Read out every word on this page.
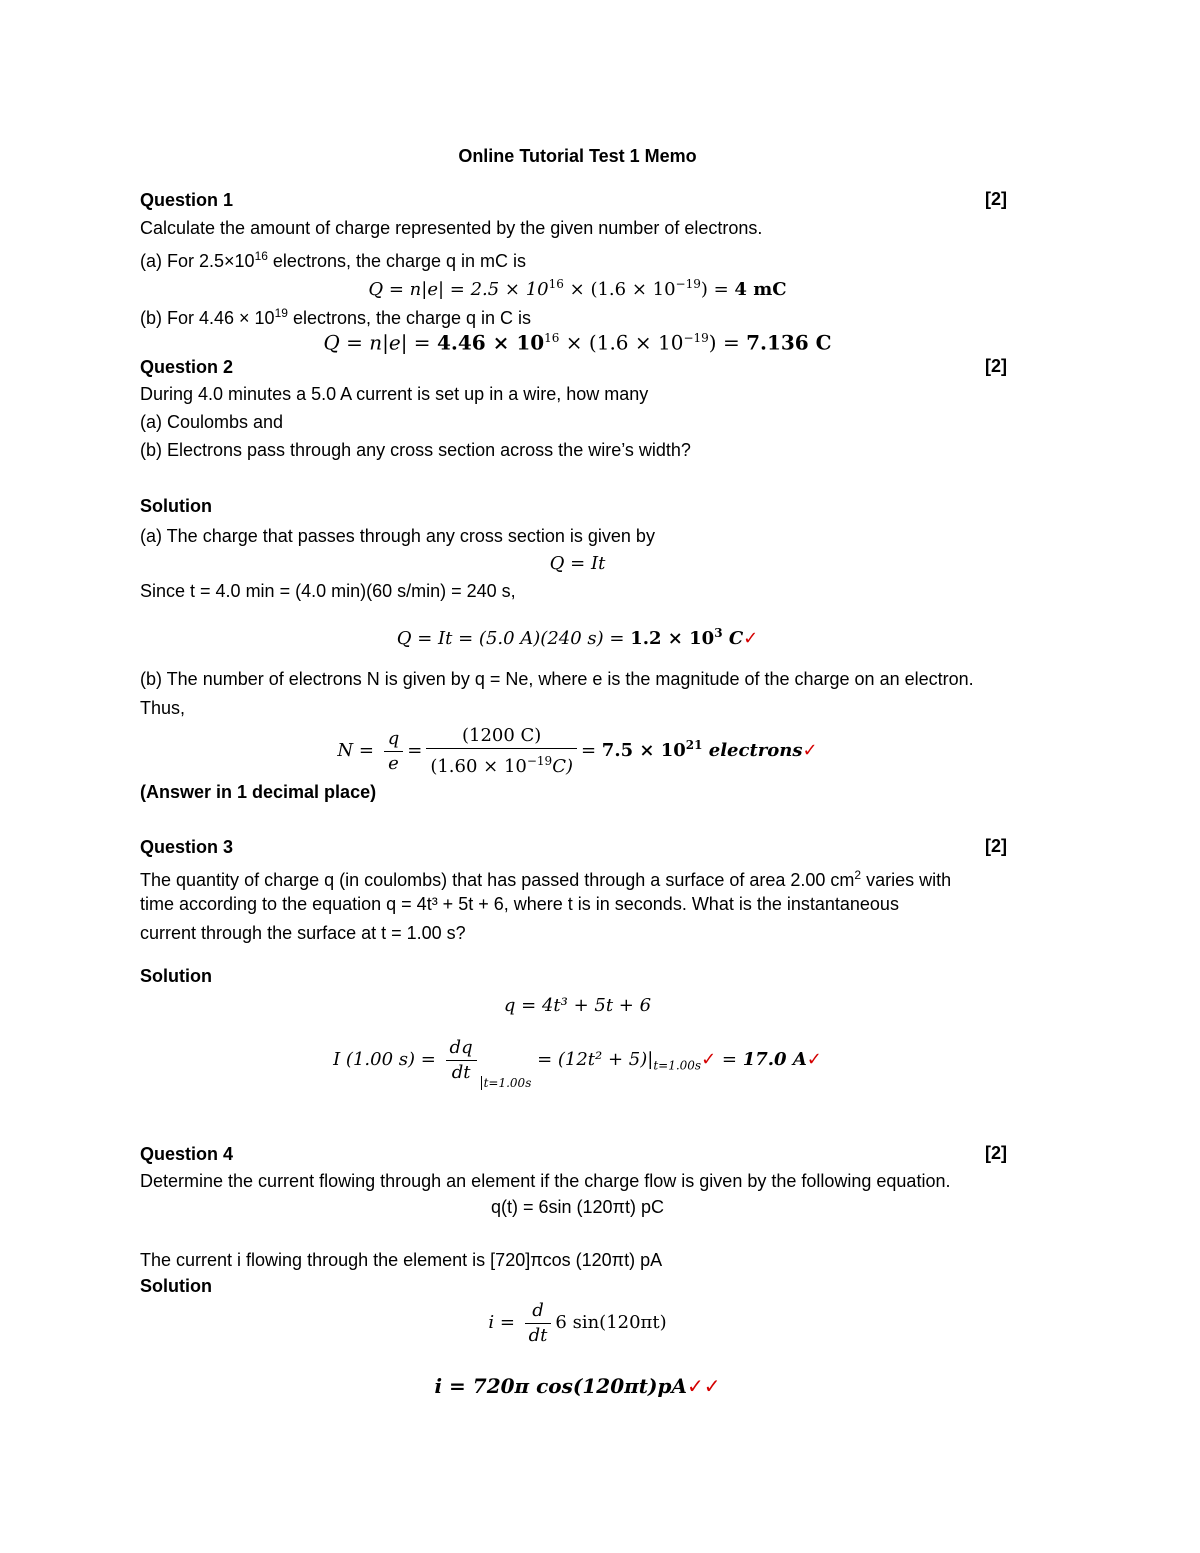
Online Tutorial Test 1 Memo
Question 1	[2]
Calculate the amount of charge represented by the given number of electrons.
(a) For $2.5\times 10^{16}$ electrons, the charge q in mC is
$Q = n|e| = 2.5 \times 10^{16} \times (1.6 \times 10^{-19}) = 4$ mC
(b) For $4.46 \times 10^{19}$ electrons, the charge q in C is
$Q = n|e| = 4.46 \times 10^{16} \times (1.6 \times 10^{-19}) = 7.136$ C
Question 2	[2]
During 4.0 minutes a 5.0 A current is set up in a wire, how many
(a) Coulombs and
(b) Electrons pass through any cross section across the wire’s width?
Solution
(a) The charge that passes through any cross section is given by
Q = It
Since t = 4.0 min = (4.0 min)(60 s/min) = 240 s,
Q = It = (5.0 A)(240 $s) = 1.2 \times 10^3$ C✓
(b) The number of electrons N is given by q = Ne, where e is the magnitude of the charge on an electron.
Thus,
$N = \frac{q}{e} = \frac{(1200 C)}{(1.60 \times 10^{-19}C)} = 7.5 \times 10^{21}$ electrons✓
(Answer in 1 decimal place)
Question 3	[2]
The quantity of charge q (in coulombs) that has passed through a surface of area 2.00 $cm^2$ varies with
time according to the equation q = 4t³ + 5t + 6, where t is in seconds. What is the instantaneous
current through the surface at t = 1.00 s?
Solution
q = 4t³ + 5t + 6
I (1.00 $s) = \frac{dq}{dt} _{t=1.00s} = (12t^2$ + $5)|_{t=1.00s}✓ = 17.0$ A✓
Question 4	[2]
Determine the current flowing through an element if the charge flow is given by the following equation.
q(t) = 6sin (120πt) pC
The current i flowing through the element is [720]πcos (120πt) pA
Solution
$i = \frac{d}{dt} 6$ sin(120πt)
i = 720π cos(120πt)pA✓✓
